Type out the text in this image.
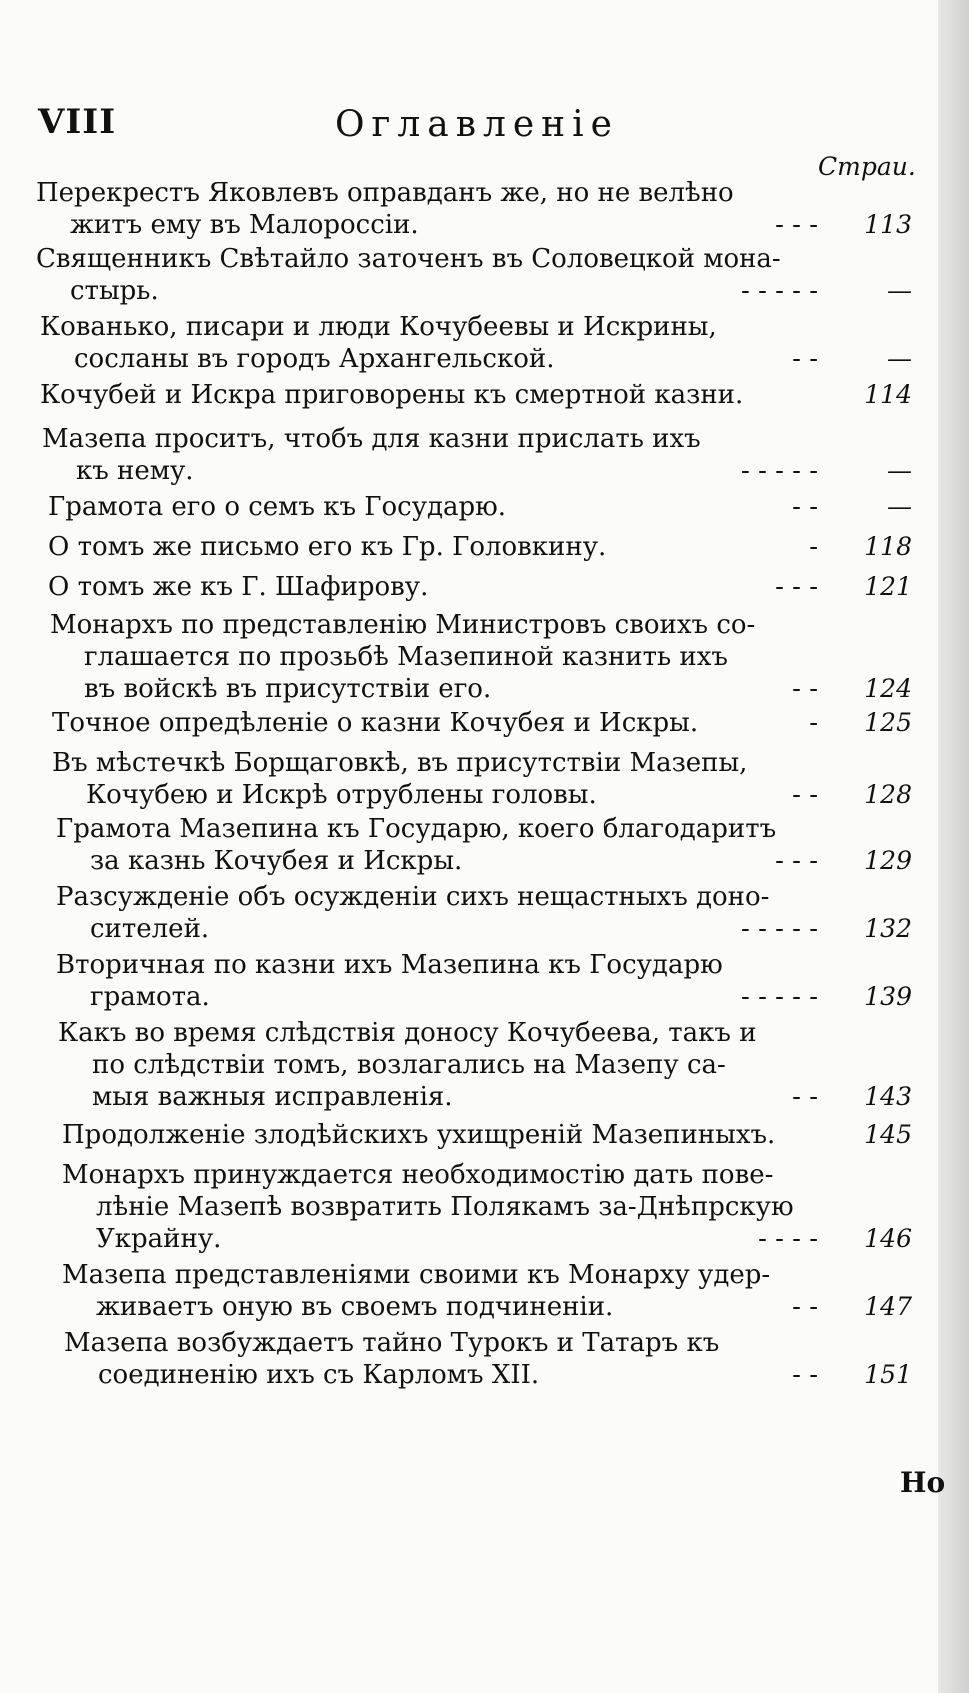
VIII	Оглавленіе
Страи.
Перекрестъ Яковлевъ оправданъ же, но не велѣно
житъ ему въ Малороссіи.	- - -	113
Священникъ Свѣтайло заточенъ въ Соловецкой мона-
стырь.	- - - - -	—
Кованько, писари и люди Кочубеевы и Искрины,
сосланы въ городъ Архангельской.	- -	—
Кочубей и Искра приговорены къ смертной казни.	114
Мазепа проситъ, чтобъ для казни прислать ихъ
къ нему.	- - - - -	—
Грамота его о семъ къ Государю.	- -	—
О томъ же письмо его къ Гр. Головкину.	-	118
О томъ же къ Г. Шафирову.	- - -	121
Монархъ по представленію Министровъ своихъ со-
глашается по прозьбѣ Мазепиной казнить ихъ
въ войскѣ въ присутствіи его.	- -	124
Точное опредѣленіе о казни Кочубея и Искры.	-	125
Въ мѣстечкѣ Борщаговкѣ, въ присутствіи Мазепы,
Кочубею и Искрѣ отрублены головы.	- -	128
Грамота Мазепина къ Государю, коего благодаритъ
за казнь Кочубея и Искры.	- - -	129
Разсужденіе объ осужденіи сихъ нещастныхъ доно-
сителей.	- - - - -	132
Вторичная по казни ихъ Мазепина къ Государю
грамота.	- - - - -	139
Какъ во время слѣдствія доносу Кочубеева, такъ и
по слѣдствіи томъ, возлагались на Мазепу са-
мыя важныя исправленія.	- -	143
Продолженіе злодѣйскихъ ухищреній Мазепиныхъ.	145
Монархъ принуждается необходимостію дать пове-
лѣніе Мазепѣ возвратить Полякамъ за-Днѣпрскую
Украйну.	- - - -	146
Мазепа представленіями своими къ Монарху удер-
живаетъ оную въ своемъ подчиненіи.	- -	147
Мазепа возбуждаетъ тайно Турокъ и Татаръ къ
соединенію ихъ съ Карломъ XII.	- -	151
Но
